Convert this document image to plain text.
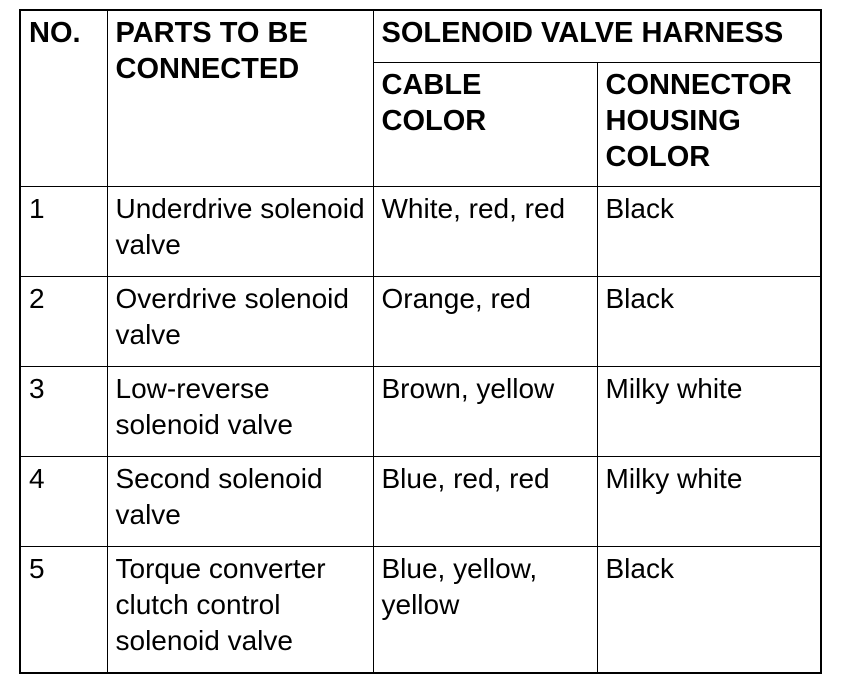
NO.	PARTS TO BE CONNECTED	SOLENOID VALVE HARNESS	
		CABLE COLOR	CONNECTOR HOUSING COLOR
1	Underdrive solenoid valve	White, red, red	Black
2	Overdrive solenoid valve	Orange, red	Black
3	Low-reverse solenoid valve	Brown, yellow	Milky white
4	Second solenoid valve	Blue, red, red	Milky white
5	Torque converter clutch control solenoid valve	Blue, yellow, yellow	Black
